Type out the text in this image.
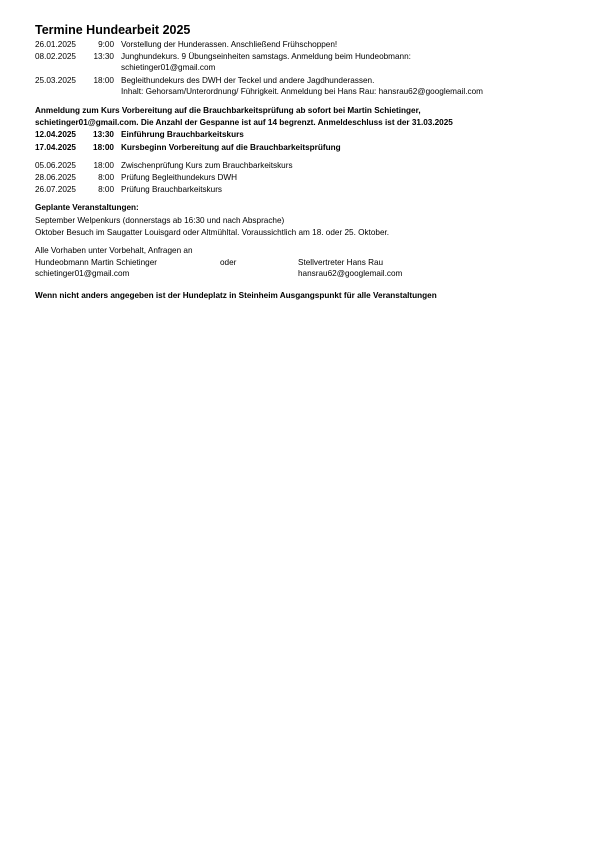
Termine Hundearbeit 2025
26.01.2025	9:00 Vorstellung der Hunderassen. Anschließend Frühschoppen!
08.02.2025	13:30 Junghundekurs. 9 Übungseinheiten samstags. Anmeldung beim Hundeobmann:
schietinger01@gmail.com
25.03.2025	18:00 Begleithundekurs des DWH der Teckel und andere Jagdhunderassen.
Inhalt: Gehorsam/Unterordnung/ Führigkeit. Anmeldung bei Hans Rau: hansrau62@googlemail.com
Anmeldung zum Kurs Vorbereitung auf die Brauchbarkeitsprüfung ab sofort bei Martin Schietinger,
schietinger01@gmail.com. Die Anzahl der Gespanne ist auf 14 begrenzt. Anmeldeschluss ist der 31.03.2025
12.04.2025	13:30 Einführung Brauchbarkeitskurs
17.04.2025	18:00 Kursbeginn Vorbereitung auf die Brauchbarkeitsprüfung
05.06.2025	18:00 Zwischenprüfung Kurs zum Brauchbarkeitskurs
28.06.2025	8:00 Prüfung Begleithundekurs DWH
26.07.2025	8:00 Prüfung Brauchbarkeitskurs
Geplante Veranstaltungen:
September Welpenkurs (donnerstags ab 16:30 und nach Absprache)
Oktober Besuch im Saugatter Louisgard oder Altmühltal. Voraussichtlich am 18. oder 25. Oktober.
Alle Vorhaben unter Vorbehalt, Anfragen an
Hundeobmann Martin Schietinger	oder	Stellvertreter Hans Rau
schietinger01@gmail.com	hansrau62@googlemail.com
Wenn nicht anders angegeben ist der Hundeplatz in Steinheim Ausgangspunkt für alle Veranstaltungen
